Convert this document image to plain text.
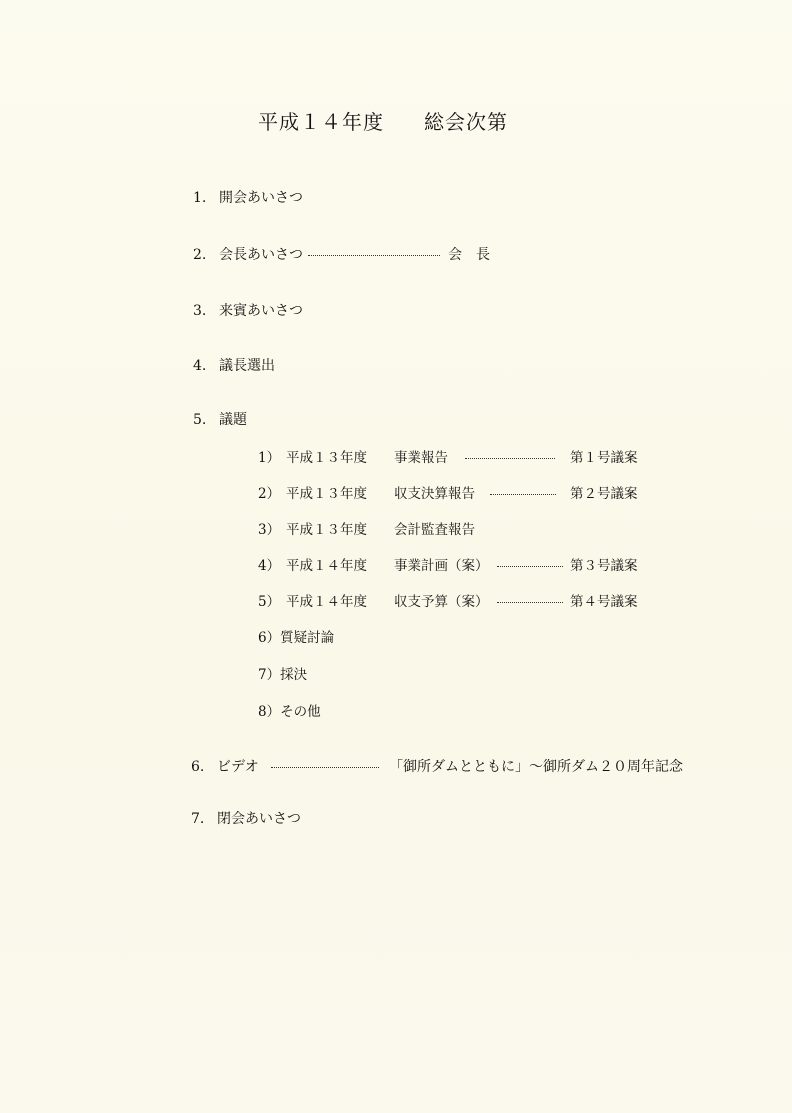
平成１４年度 総会次第
1. 開会あいさつ
2. 会長あいさつ	会　長
3. 来賓あいさつ
4. 議長選出
5. 議題
1） 平成１３年度 事業報告	第１号議案
2） 平成１３年度 収支決算報告	第２号議案
3） 平成１３年度 会計監査報告
4） 平成１４年度 事業計画（案）	第３号議案
5） 平成１４年度 収支予算（案）	第４号議案
6）質疑討論
7）採決
8）その他
6. ビデオ	「御所ダムとともに」～御所ダム２０周年記念
7. 閉会あいさつ
